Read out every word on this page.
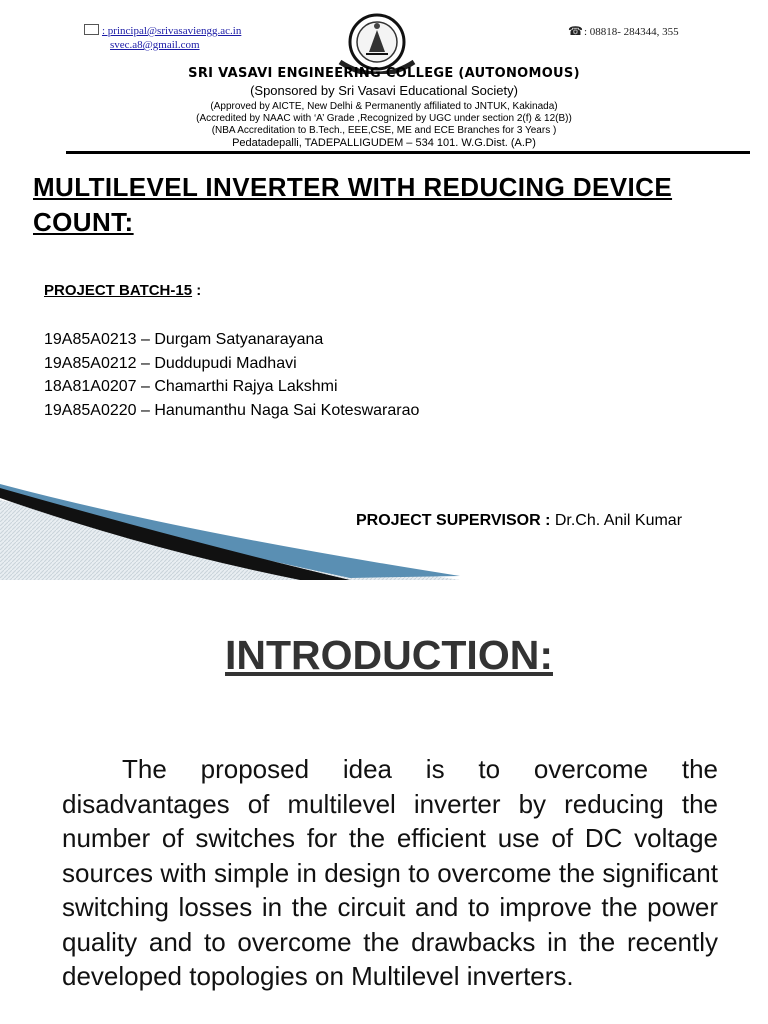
: principal@srivasaviengg.ac.in
svec.a8@gmail.com
☎: 08818- 284344, 355
SRI VASAVI ENGINEERING COLLEGE (AUTONOMOUS)
(Sponsored by Sri Vasavi Educational Society)
(Approved by AICTE, New Delhi & Permanently affiliated to JNTUK, Kakinada)
(Accredited by NAAC with ‘A’ Grade ,Recognized by UGC under section 2(f) & 12(B))
(NBA Accreditation to B.Tech., EEE,CSE, ME and ECE Branches for 3 Years )
Pedatadepalli, TADEPALLIGUDEM – 534 101. W.G.Dist. (A.P)
MULTILEVEL INVERTER WITH REDUCING DEVICE COUNT:
PROJECT BATCH-15 :
19A85A0213 – Durgam Satyanarayana
19A85A0212 – Duddupudi Madhavi
18A81A0207 – Chamarthi Rajya Lakshmi
19A85A0220 – Hanumanthu Naga Sai Koteswararao
PROJECT SUPERVISOR : Dr.Ch. Anil Kumar
INTRODUCTION:
The proposed idea is to overcome the disadvantages of multilevel inverter by reducing the number of switches for the efficient use of DC voltage sources with simple in design to overcome the significant switching losses in the circuit and to improve the power quality and to overcome the drawbacks in the recently developed topologies on Multilevel inverters.
